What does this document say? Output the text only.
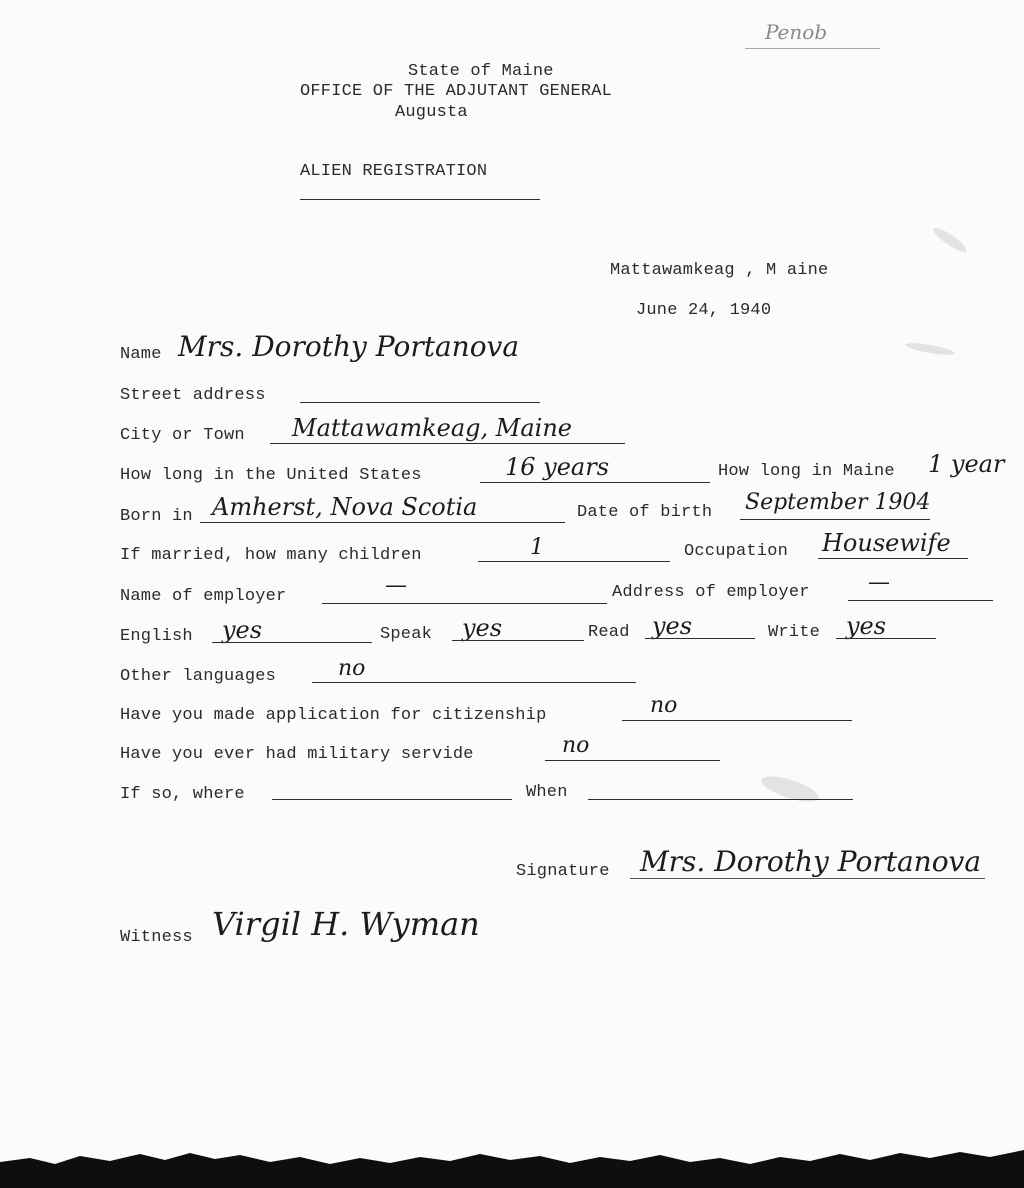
Penob
State of Maine
OFFICE OF THE ADJUTANT GENERAL
Augusta
ALIEN REGISTRATION
Mattawamkeag , M aine
June 24, 1940
Name Mrs. Dorothy Portanova
Street address
City or Town Mattawamkeag, Maine
How long in the United States	16 years	How long in Maine 1 year
Born in Amherst, Nova Scotia	Date of birth September 1904
If married, how many children	1	Occupation Housewife
Name of employer	—	Address of employer	—
English yes	Speak yes	Read yes	Write yes
Other languages	no
Have you made application for citizenship	no
Have you ever had military servide	no
If so, where	When
Signature Mrs. Dorothy Portanova
Witness Virgil H. Wyman
